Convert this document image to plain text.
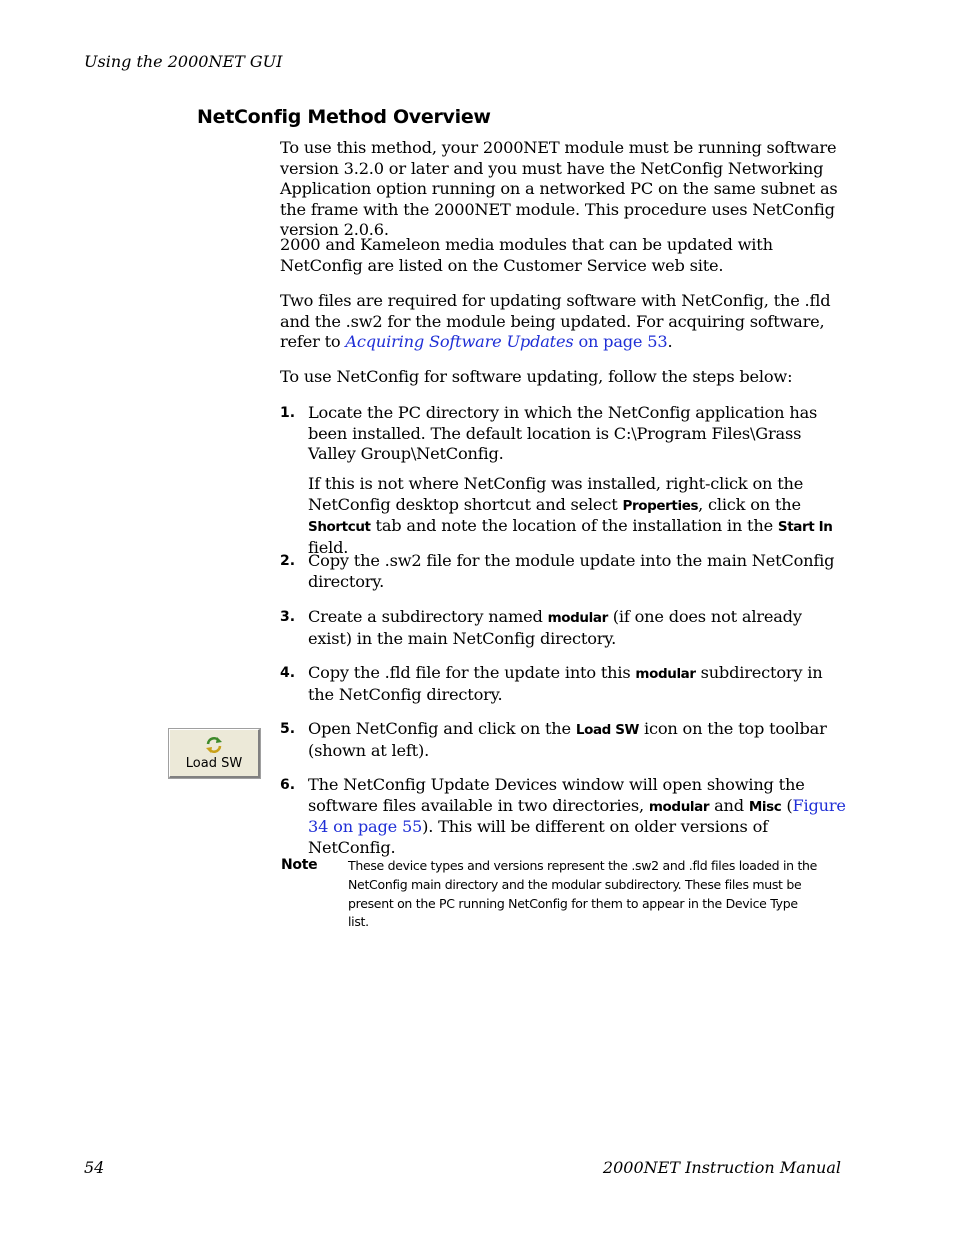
Using the 2000NET GUI
NetConfig Method Overview
To use this method, your 2000NET module must be running software version 3.2.0 or later and you must have the NetConfig Networking Application option running on a networked PC on the same subnet as the frame with the 2000NET module. This procedure uses NetConfig version 2.0.6.
2000 and Kameleon media modules that can be updated with NetConfig are listed on the Customer Service web site.
Two files are required for updating software with NetConfig, the .fld and the .sw2 for the module being updated. For acquiring software, refer to Acquiring Software Updates on page 53.
To use NetConfig for software updating, follow the steps below:
1. Locate the PC directory in which the NetConfig application has been installed. The default location is C:\Program Files\Grass Valley Group\NetConfig.
If this is not where NetConfig was installed, right-click on the NetConfig desktop shortcut and select Properties, click on the Shortcut tab and note the location of the installation in the Start In field.
2. Copy the .sw2 file for the module update into the main NetConfig directory.
3. Create a subdirectory named modular (if one does not already exist) in the main NetConfig directory.
4. Copy the .fld file for the update into this modular subdirectory in the NetConfig directory.
Load SW
5. Open NetConfig and click on the Load SW icon on the top toolbar (shown at left).
6. The NetConfig Update Devices window will open showing the software files available in two directories, modular and Misc (Figure 34 on page 55). This will be different on older versions of NetConfig.
Note These device types and versions represent the .sw2 and .fld files loaded in the NetConfig main directory and the modular subdirectory. These files must be present on the PC running NetConfig for them to appear in the Device Type list.
54	2000NET Instruction Manual
